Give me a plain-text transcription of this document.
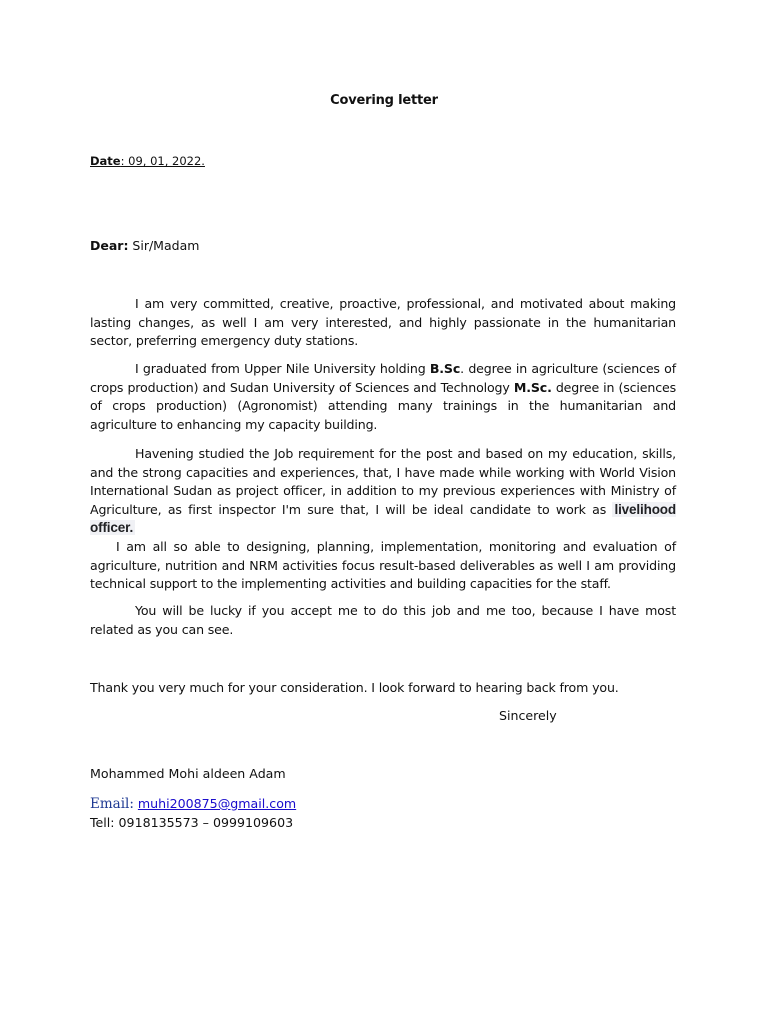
Covering letter
Date: 09, 01, 2022.
Dear: Sir/Madam
I am very committed, creative, proactive, professional, and motivated about making lasting changes, as well I am very interested, and highly passionate in the humanitarian sector, preferring emergency duty stations.
I graduated from Upper Nile University holding B.Sc. degree in agriculture (sciences of crops production) and Sudan University of Sciences and Technology M.Sc. degree in (sciences of crops production) (Agronomist) attending many trainings in the humanitarian and agriculture to enhancing my capacity building.
Havening studied the Job requirement for the post and based on my education, skills, and the strong capacities and experiences, that, I have made while working with World Vision International Sudan as project officer, in addition to my previous experiences with Ministry of Agriculture, as first inspector I'm sure that, I will be ideal candidate to work as livelihood officer.
I am all so able to designing, planning, implementation, monitoring and evaluation of agriculture, nutrition and NRM activities focus result-based deliverables as well I am providing technical support to the implementing activities and building capacities for the staff.
You will be lucky if you accept me to do this job and me too, because I have most related as you can see.
Thank you very much for your consideration. I look forward to hearing back from you.
Sincerely
Mohammed Mohi aldeen Adam
Email: muhi200875@gmail.com
Tell: 0918135573 – 0999109603
